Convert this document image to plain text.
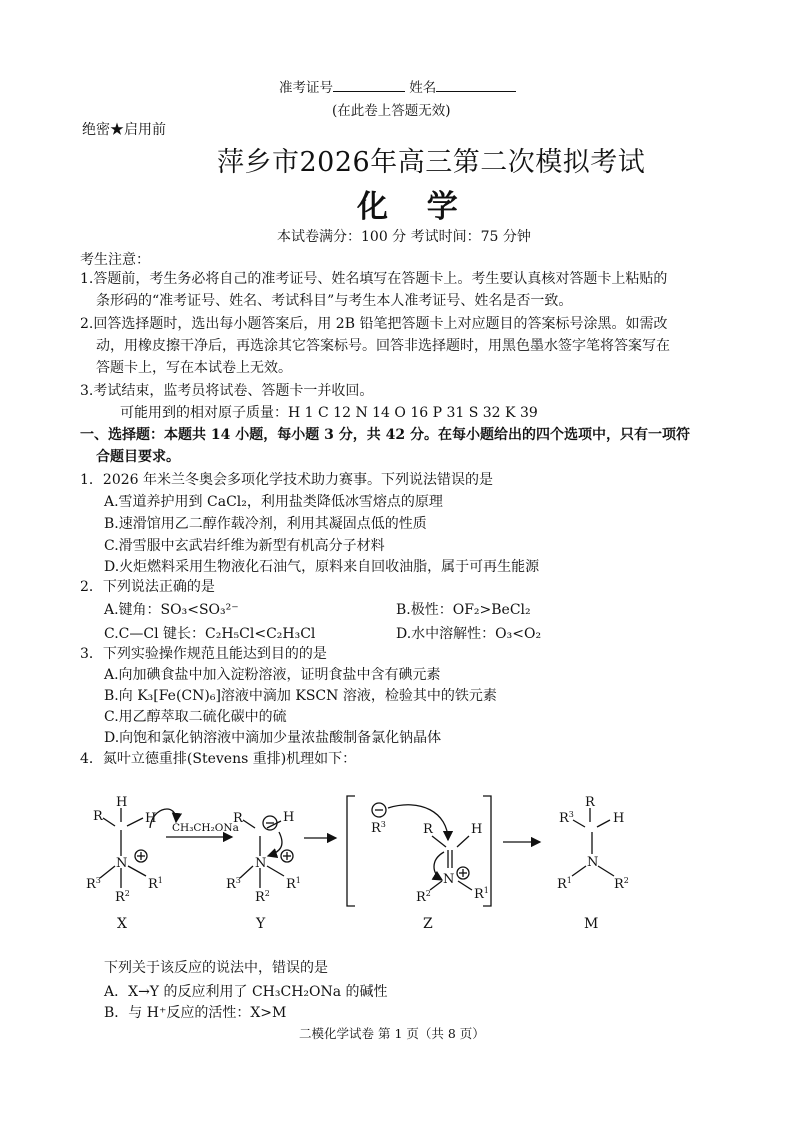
准考证号	姓名
(在此卷上答题无效)
绝密★启用前
萍乡市2026年高三第二次模拟考试
化 学
本试卷满分：100 分 考试时间：75 分钟
考生注意：
1.答题前，考生务必将自己的准考证号、姓名填写在答题卡上。考生要认真核对答题卡上粘贴的
条形码的“准考证号、姓名、考试科目”与考生本人准考证号、姓名是否一致。
2.回答选择题时，选出每小题答案后，用 2B 铅笔把答题卡上对应题目的答案标号涂黑。如需改
动，用橡皮擦干净后，再选涂其它答案标号。回答非选择题时，用黑色墨水签字笔将答案写在
答题卡上，写在本试卷上无效。
3.考试结束，监考员将试卷、答题卡一并收回。
可能用到的相对原子质量：H 1 C 12 N 14 O 16 P 31 S 32 K 39
一、选择题：本题共 14 小题，每小题 3 分，共 42 分。在每小题给出的四个选项中，只有一项符
合题目要求。
1．2026 年米兰冬奥会多项化学技术助力赛事。下列说法错误的是
A.雪道养护用到 CaCl₂，利用盐类降低冰雪熔点的原理
B.速滑馆用乙二醇作载冷剂，利用其凝固点低的性质
C.滑雪服中玄武岩纤维为新型有机高分子材料
D.火炬燃料采用生物液化石油气，原料来自回收油脂，属于可再生能源
2．下列说法正确的是
A.键角：SO₃<SO₃²⁻	B.极性：OF₂>BeCl₂
C.C—Cl 键长：C₂H₅Cl<C₂H₃Cl	D.水中溶解性：O₃<O₂
3．下列实验操作规范且能达到目的的是
A.向加碘食盐中加入淀粉溶液，证明食盐中含有碘元素
B.向 K₃[Fe(CN)₆]溶液中滴加 KSCN 溶液，检验其中的铁元素
C.用乙醇萃取二硫化碳中的硫
D.向饱和氯化钠溶液中滴加少量浓盐酸制备氯化钠晶体
4．氮叶立德重排(Stevens 重排)机理如下：
H
R	H
N
$R^3$	$R^1$
$R^2$
X
CH₃CH₂ONa
R	H
N
$R^3$	$R^1$
$R^2$
Y
$R^3$	R	H
N
$R^2$	$R^1$
Z
R
$R^3$	H
N
$R^1$	$R^2$
M
下列关于该反应的说法中，错误的是
A．X→Y 的反应利用了 CH₃CH₂ONa 的碱性
B．与 H⁺反应的活性：X>M
二模化学试卷 第 1 页（共 8 页）
